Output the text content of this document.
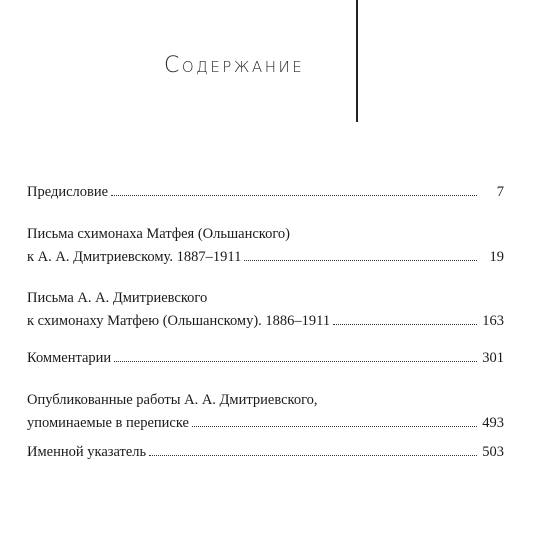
Содержание
Предисловие	7
Письма схимонаха Матфея (Ольшанского)
к А. А. Дмитриевскому. 1887–1911	19
Письма А. А. Дмитриевского
к схимонаху Матфею (Ольшанскому). 1886–1911	163
Комментарии	301
Опубликованные работы А. А. Дмитриевского,
упоминаемые в переписке	493
Именной указатель	503
